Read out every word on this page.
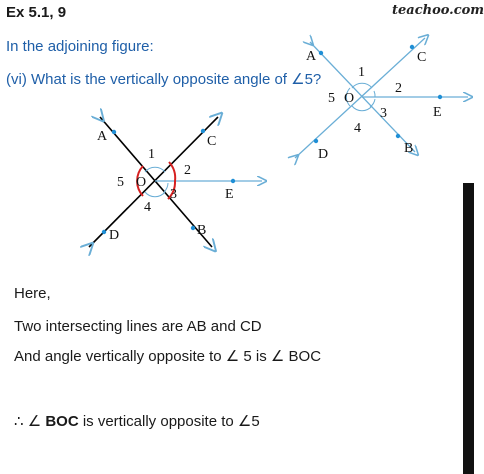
Ex 5.1, 9	teachoo.com
In the adjoining figure:
(vi) What is the vertically opposite angle of ∠5?
A	C
E
D	B
O
1
2
3
4
5
A	C
E
D	B
O
1
2
3
4
5
Here,
Two intersecting lines are AB and CD
And angle vertically opposite to ∠ 5 is ∠ BOC
∴ ∠ BOC is vertically opposite to ∠5
